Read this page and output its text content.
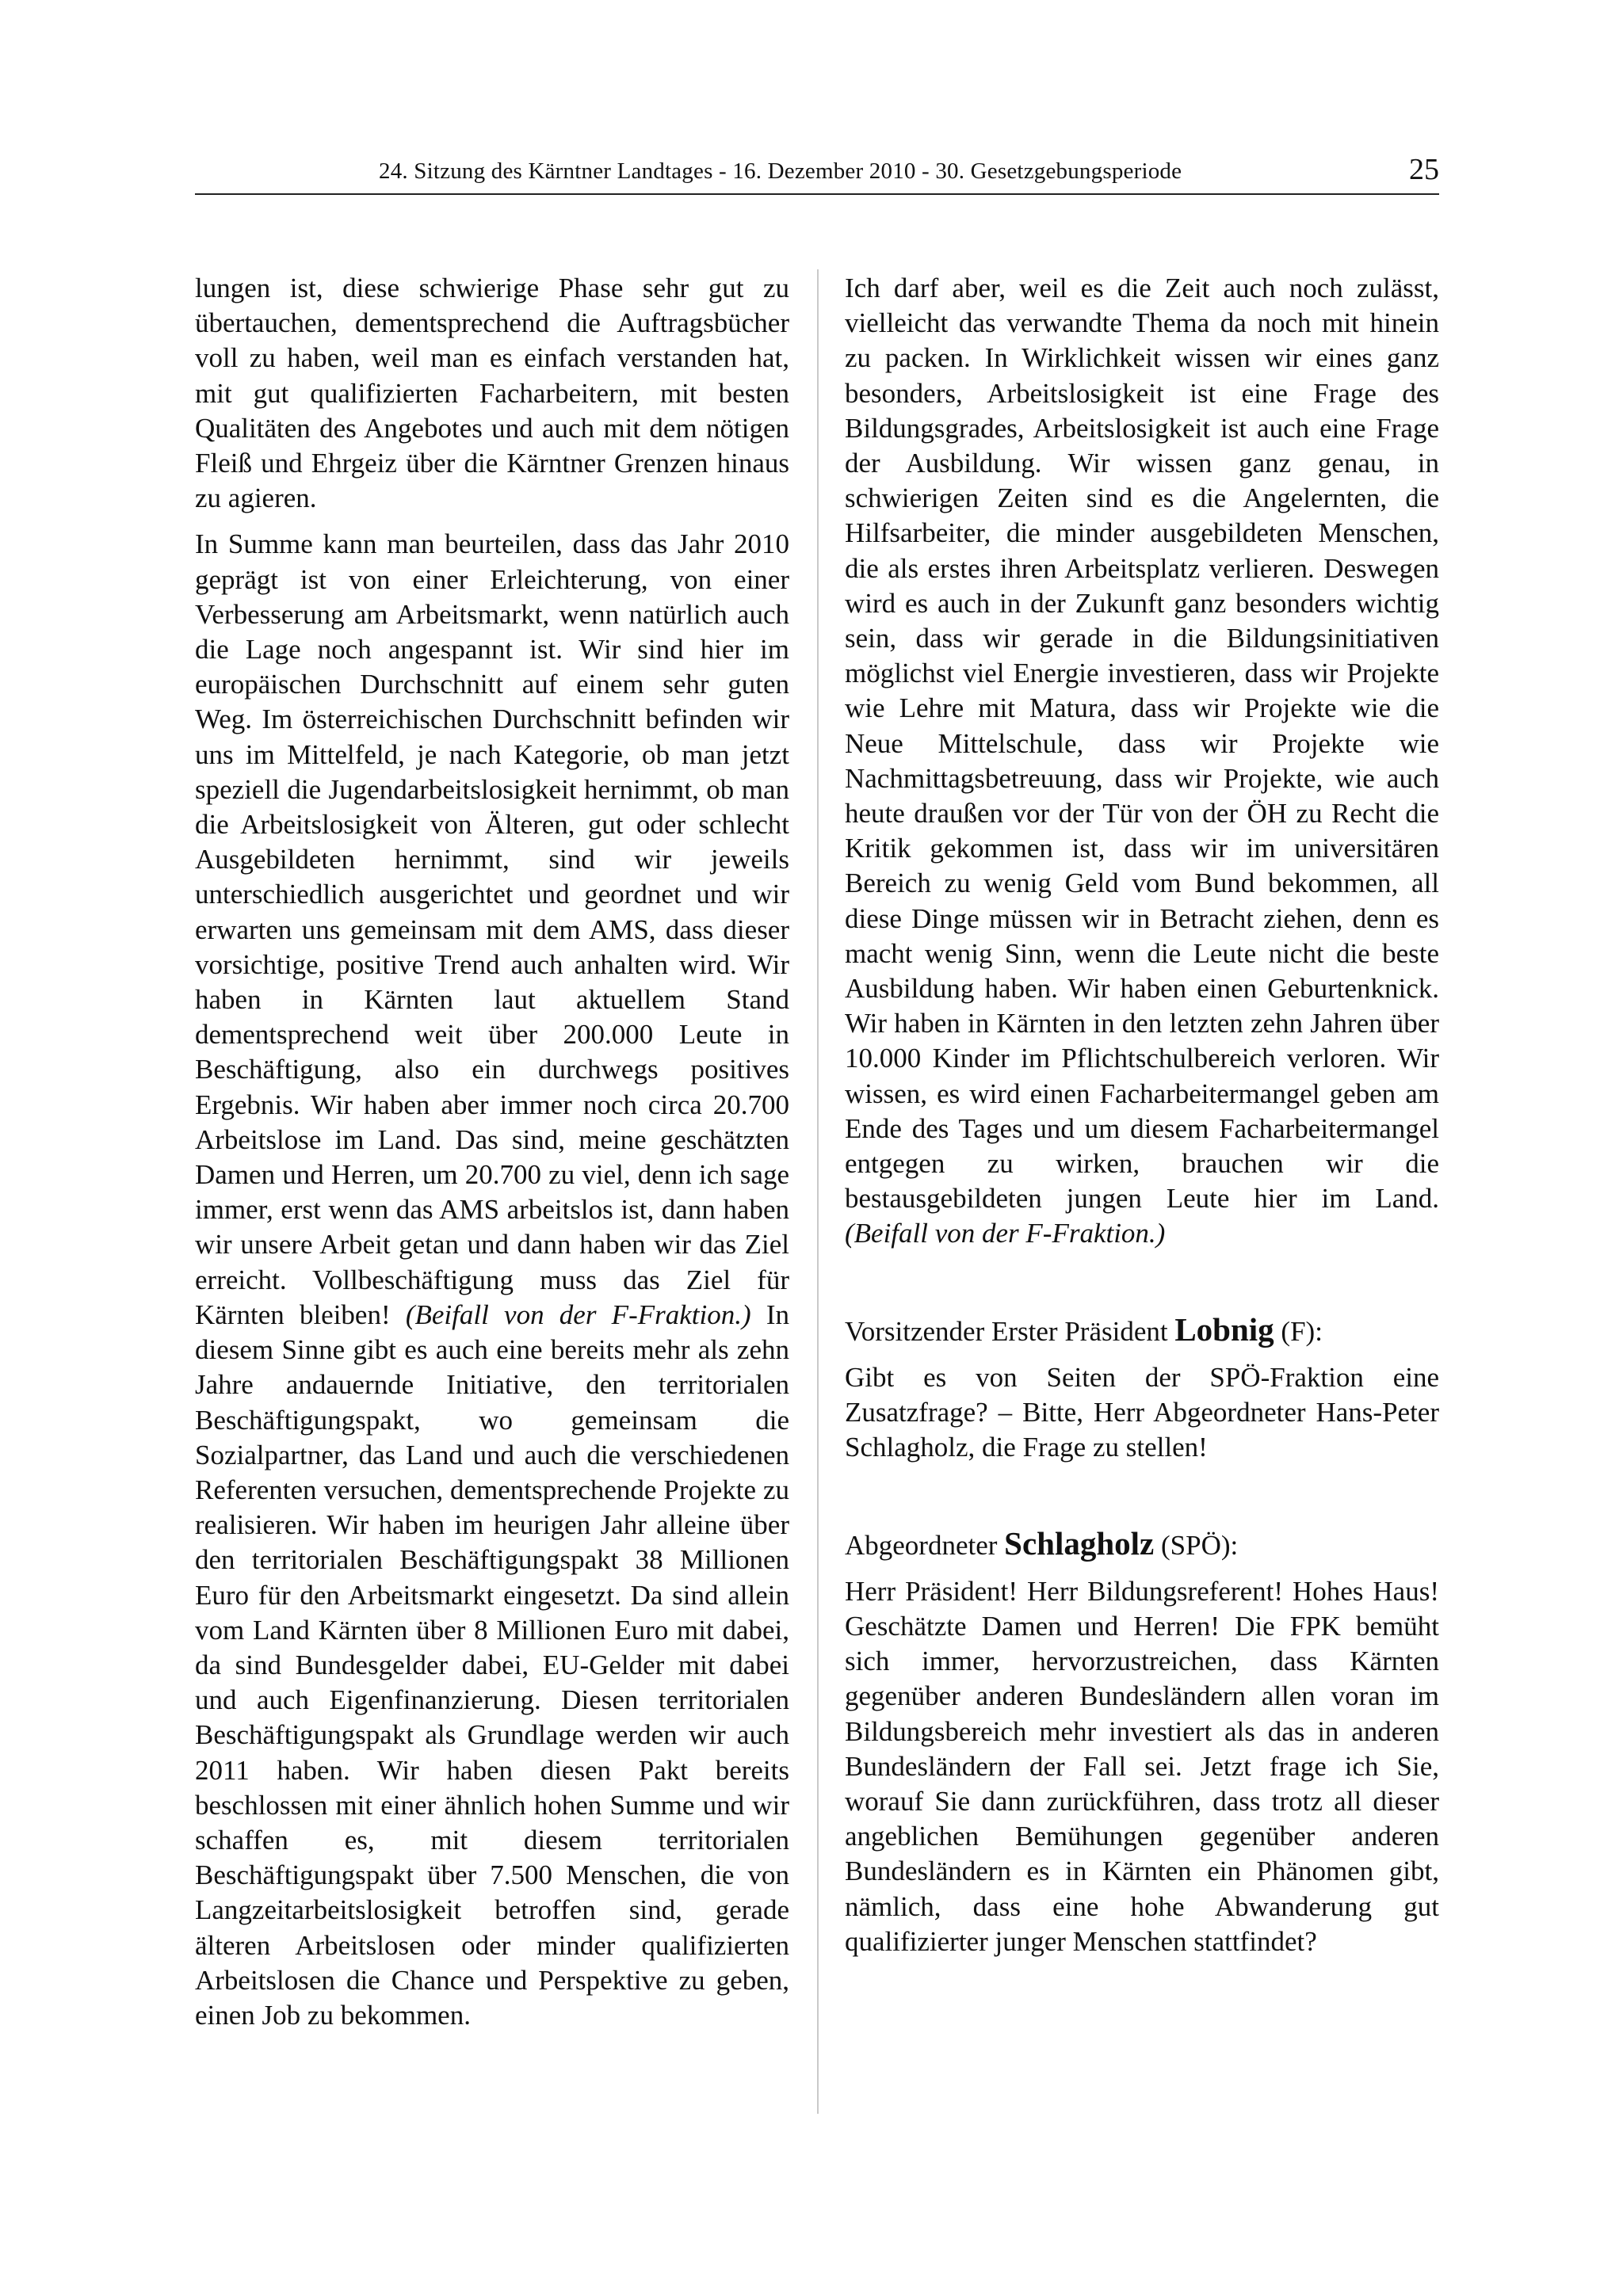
24. Sitzung des Kärntner Landtages - 16. Dezember 2010 - 30. Gesetzgebungsperiode	25

lungen ist, diese schwierige Phase sehr gut zu übertauchen, dementsprechend die Auftragsbücher voll zu haben, weil man es einfach verstanden hat, mit gut qualifizierten Facharbeitern, mit besten Qualitäten des Angebotes und auch mit dem nötigen Fleiß und Ehrgeiz über die Kärntner Grenzen hinaus zu agieren.

In Summe kann man beurteilen, dass das Jahr 2010 geprägt ist von einer Erleichterung, von einer Verbesserung am Arbeitsmarkt, wenn natürlich auch die Lage noch angespannt ist. Wir sind hier im europäischen Durchschnitt auf einem sehr guten Weg. Im österreichischen Durchschnitt befinden wir uns im Mittelfeld, je nach Kategorie, ob man jetzt speziell die Jugendarbeitslosigkeit hernimmt, ob man die Arbeitslosigkeit von Älteren, gut oder schlecht Ausgebildeten hernimmt, sind wir jeweils unterschiedlich ausgerichtet und geordnet und wir erwarten uns gemeinsam mit dem AMS, dass dieser vorsichtige, positive Trend auch anhalten wird. Wir haben in Kärnten laut aktuellem Stand dementsprechend weit über 200.000 Leute in Beschäftigung, also ein durchwegs positives Ergebnis. Wir haben aber immer noch circa 20.700 Arbeitslose im Land. Das sind, meine geschätzten Damen und Herren, um 20.700 zu viel, denn ich sage immer, erst wenn das AMS arbeitslos ist, dann haben wir unsere Arbeit getan und dann haben wir das Ziel erreicht. Vollbeschäftigung muss das Ziel für Kärnten bleiben! (Beifall von der F-Fraktion.) In diesem Sinne gibt es auch eine bereits mehr als zehn Jahre andauernde Initiative, den territorialen Beschäftigungspakt, wo gemeinsam die Sozialpartner, das Land und auch die verschiedenen Referenten versuchen, dementsprechende Projekte zu realisieren. Wir haben im heurigen Jahr alleine über den territorialen Beschäftigungspakt 38 Millionen Euro für den Arbeitsmarkt eingesetzt. Da sind allein vom Land Kärnten über 8 Millionen Euro mit dabei, da sind Bundesgelder dabei, EU-Gelder mit dabei und auch Eigenfinanzierung. Diesen territorialen Beschäftigungspakt als Grundlage werden wir auch 2011 haben. Wir haben diesen Pakt bereits beschlossen mit einer ähnlich hohen Summe und wir schaffen es, mit diesem territorialen Beschäftigungspakt über 7.500 Menschen, die von Langzeitarbeitslosigkeit betroffen sind, gerade älteren Arbeitslosen oder minder qualifizierten Arbeitslosen die Chance und Perspektive zu geben, einen Job zu bekommen.

Ich darf aber, weil es die Zeit auch noch zulässt, vielleicht das verwandte Thema da noch mit hinein zu packen. In Wirklichkeit wissen wir eines ganz besonders, Arbeitslosigkeit ist eine Frage des Bildungsgrades, Arbeitslosigkeit ist auch eine Frage der Ausbildung. Wir wissen ganz genau, in schwierigen Zeiten sind es die Angelernten, die Hilfsarbeiter, die minder ausgebildeten Menschen, die als erstes ihren Arbeitsplatz verlieren. Deswegen wird es auch in der Zukunft ganz besonders wichtig sein, dass wir gerade in die Bildungsinitiativen möglichst viel Energie investieren, dass wir Projekte wie Lehre mit Matura, dass wir Projekte wie die Neue Mittelschule, dass wir Projekte wie Nachmittagsbetreuung, dass wir Projekte, wie auch heute draußen vor der Tür von der ÖH zu Recht die Kritik gekommen ist, dass wir im universitären Bereich zu wenig Geld vom Bund bekommen, all diese Dinge müssen wir in Betracht ziehen, denn es macht wenig Sinn, wenn die Leute nicht die beste Ausbildung haben. Wir haben einen Geburtenknick. Wir haben in Kärnten in den letzten zehn Jahren über 10.000 Kinder im Pflichtschulbereich verloren. Wir wissen, es wird einen Facharbeitermangel geben am Ende des Tages und um diesem Facharbeitermangel entgegen zu wirken, brauchen wir die bestausgebildeten jungen Leute hier im Land. (Beifall von der F-Fraktion.)

Vorsitzender Erster Präsident Lobnig (F):

Gibt es von Seiten der SPÖ-Fraktion eine Zusatzfrage? – Bitte, Herr Abgeordneter Hans-Peter Schlagholz, die Frage zu stellen!

Abgeordneter Schlagholz (SPÖ):

Herr Präsident! Herr Bildungsreferent! Hohes Haus! Geschätzte Damen und Herren! Die FPK bemüht sich immer, hervorzustreichen, dass Kärnten gegenüber anderen Bundesländern allen voran im Bildungsbereich mehr investiert als das in anderen Bundesländern der Fall sei. Jetzt frage ich Sie, worauf Sie dann zurückführen, dass trotz all dieser angeblichen Bemühungen gegenüber anderen Bundesländern es in Kärnten ein Phänomen gibt, nämlich, dass eine hohe Abwanderung gut qualifizierter junger Menschen stattfindet?
